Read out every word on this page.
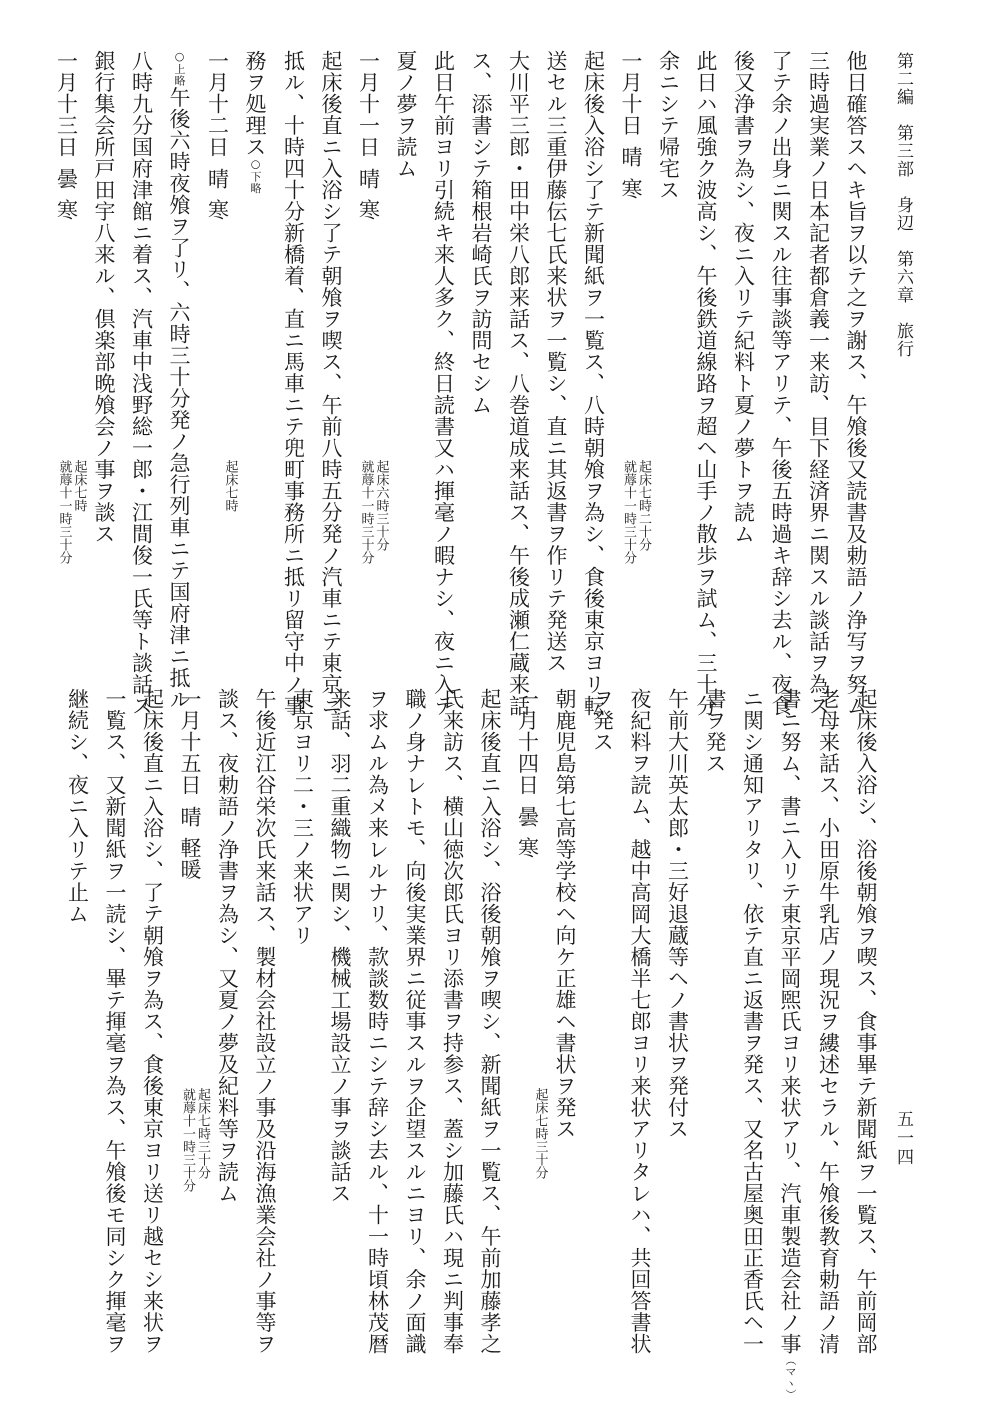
第二編　第三部　身辺　第六章　旅行
五一四
他日確答スヘキ旨ヲ以テ之ヲ謝ス、午飧後又読書及勅語ノ浄写ヲ努ム
三時過実業ノ日本記者都倉義一来訪、目下経済界ニ関スル談話ヲ為ス
了テ余ノ出身ニ関スル往事談等アリテ、午後五時過キ辞シ去ル、夜食
後又浄書ヲ為シ、夜ニ入リテ紀料ト夏ノ夢トヲ読ム
此日ハ風強ク波高シ、午後鉄道線路ヲ超ヘ山手ノ散歩ヲ試ム、三十分
余ニシテ帰宅ス
一月十日晴寒
起床七時二十分
就蓐十一時三十分
起床後入浴シ了テ新聞紙ヲ一覧ス、八時朝飧ヲ為シ、食後東京ヨリ転
送セル三重伊藤伝七氏来状ヲ一覧シ、直ニ其返書ヲ作リテ発送ス
大川平三郎・田中栄八郎来話ス、八巻道成来話ス、午後成瀬仁蔵来話
ス、添書シテ箱根岩崎氏ヲ訪問セシム
此日午前ヨリ引続キ来人多ク、終日読書又ハ揮毫ノ暇ナシ、夜ニ入テ
夏ノ夢ヲ読ム
一月十一日晴寒
起床六時三十分
就蓐十一時三十分
起床後直ニ入浴シ了テ朝飧ヲ喫ス、午前八時五分発ノ汽車ニテ東京ニ
抵ル、十時四十分新橋着、直ニ馬車ニテ兜町事務所ニ抵リ留守中ノ事
務ヲ処理ス○下略
一月十二日晴寒
起床七時
○上略午後六時夜飧ヲ了リ、六時三十分発ノ急行列車ニテ国府津ニ抵ル
八時九分国府津館ニ着ス、汽車中浅野総一郎・江間俊一氏等ト談話ス
銀行集会所戸田宇八来ル、倶楽部晩飧会ノ事ヲ談ス
一月十三日曇寒
起床七時
就蓐十一時三十分
起床後入浴シ、浴後朝飧ヲ喫ス、食事畢テ新聞紙ヲ一覧ス、午前岡部
老母来話ス、小田原牛乳店ノ現況ヲ縷述セラル、午飧後教育勅語ノ清
書ニ努ム、書ニ入リテ東京平岡煕氏ヨリ来状アリ、汽車製造会社ノ事（マヽ）
ニ関シ通知アリタリ、依テ直ニ返書ヲ発ス、又名古屋奥田正香氏ヘ一
書ヲ発ス
午前大川英太郎・三好退蔵等ヘノ書状ヲ発付ス
夜紀料ヲ読ム、越中高岡大橋半七郎ヨリ来状アリタレハ、共回答書状
ヲ発ス
朝鹿児島第七高等学校ヘ向ケ正雄ヘ書状ヲ発ス
一月十四日曇寒
起床七時三十分
起床後直ニ入浴シ、浴後朝飧ヲ喫シ、新聞紙ヲ一覧ス、午前加藤孝之
氏来訪ス、横山徳次郎氏ヨリ添書ヲ持参ス、蓋シ加藤氏ハ現ニ判事奉
職ノ身ナレトモ、向後実業界ニ従事スルヲ企望スルニヨリ、余ノ面識
ヲ求ムル為メ来レルナリ、款談数時ニシテ辞シ去ル、十一時頃林茂暦
来話、羽二重織物ニ関シ、機械工場設立ノ事ヲ談話ス
東京ヨリ二・三ノ来状アリ
午後近江谷栄次氏来話ス、製材会社設立ノ事及沿海漁業会社ノ事等ヲ
談ス、夜勅語ノ浄書ヲ為シ、又夏ノ夢及紀料等ヲ読ム
一月十五日晴軽暖
起床七時三十分
就蓐十一時三十分
起床後直ニ入浴シ、了テ朝飧ヲ為ス、食後東京ヨリ送リ越セシ来状ヲ
一覧ス、又新聞紙ヲ一読シ、畢テ揮毫ヲ為ス、午飧後モ同シク揮毫ヲ
継続シ、夜ニ入リテ止ム
